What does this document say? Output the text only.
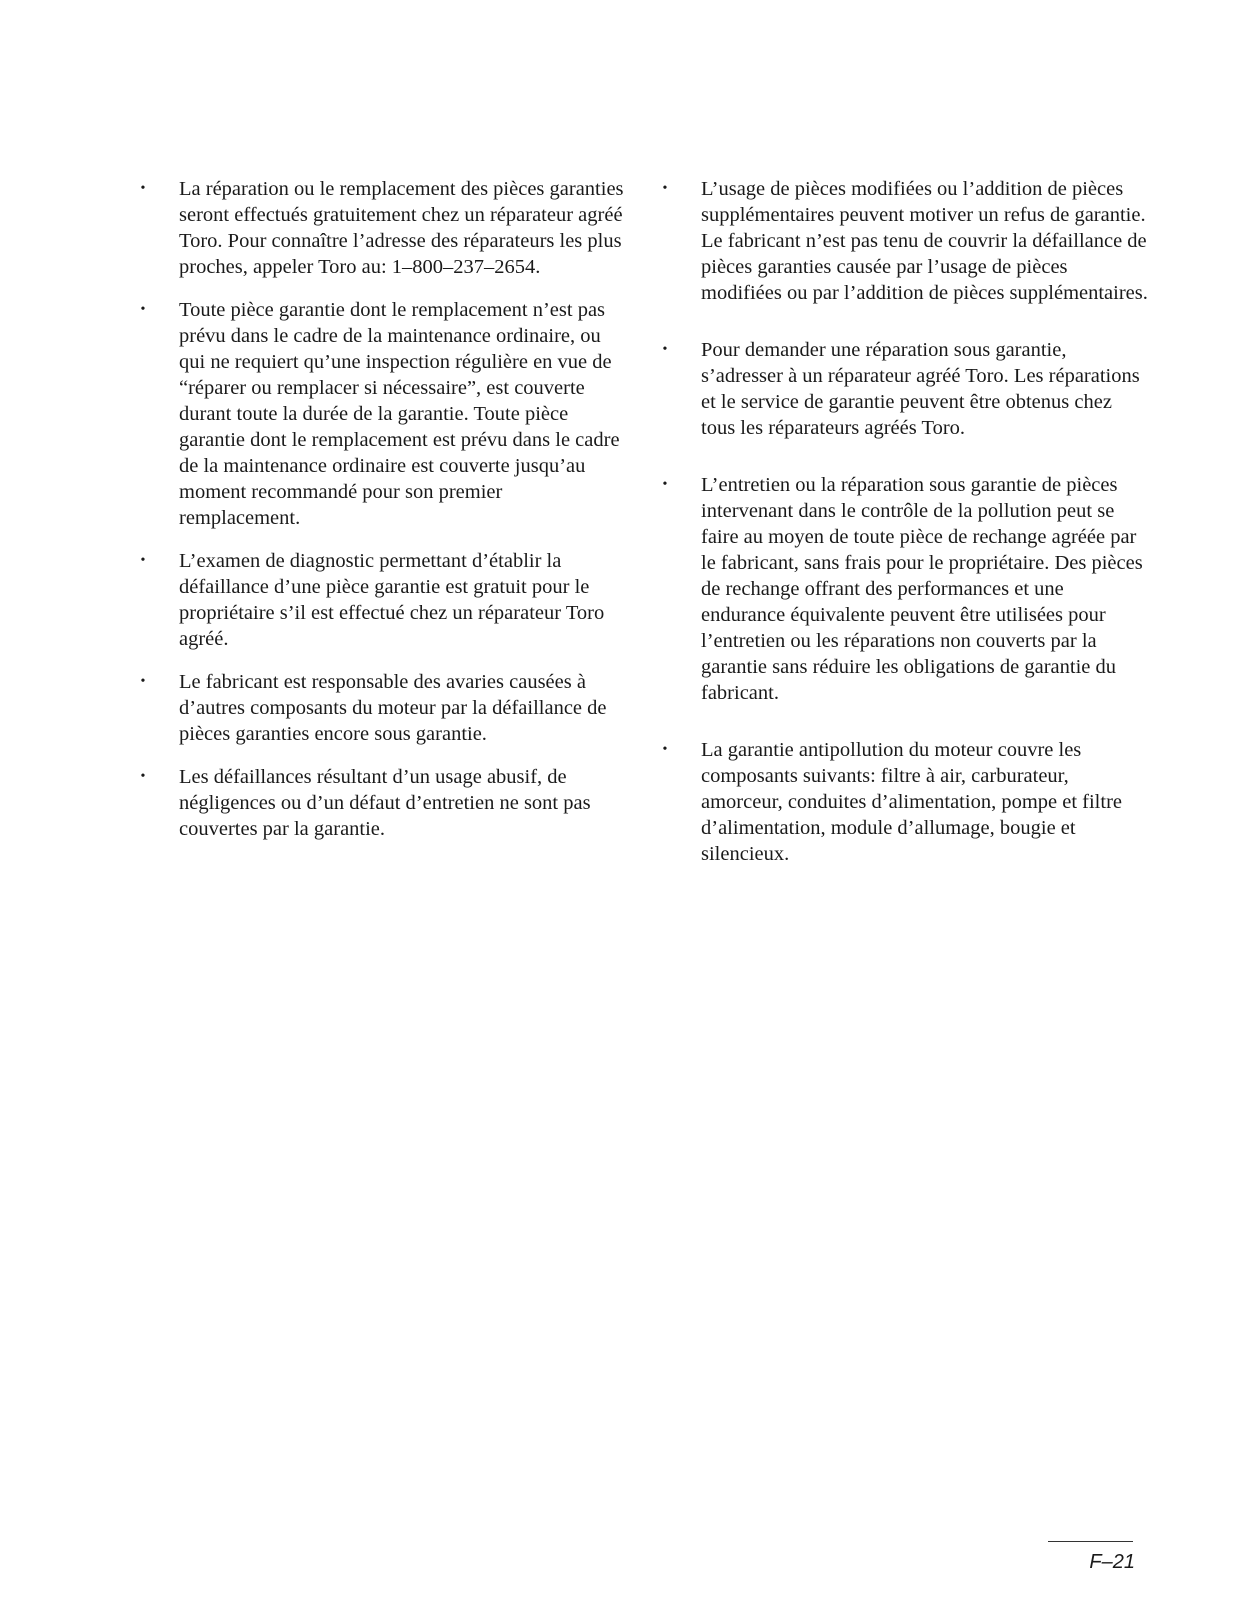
• La réparation ou le remplacement des pièces garanties seront effectués gratuitement chez un réparateur agréé Toro. Pour connaître l’adresse des réparateurs les plus proches, appeler Toro au: 1–800–237–2654.
• Toute pièce garantie dont le remplacement n’est pas prévu dans le cadre de la maintenance ordinaire, ou qui ne requiert qu’une inspection régulière en vue de “réparer ou remplacer si nécessaire”, est couverte durant toute la durée de la garantie. Toute pièce garantie dont le remplacement est prévu dans le cadre de la maintenance ordinaire est couverte jusqu’au moment recommandé pour son premier remplacement.
• L’examen de diagnostic permettant d’établir la défaillance d’une pièce garantie est gratuit pour le propriétaire s’il est effectué chez un réparateur Toro agréé.
• Le fabricant est responsable des avaries causées à d’autres composants du moteur par la défaillance de pièces garanties encore sous garantie.
• Les défaillances résultant d’un usage abusif, de négligences ou d’un défaut d’entretien ne sont pas couvertes par la garantie.
• L’usage de pièces modifiées ou l’addition de pièces supplémentaires peuvent motiver un refus de garantie. Le fabricant n’est pas tenu de couvrir la défaillance de pièces garanties causée par l’usage de pièces modifiées ou par l’addition de pièces supplémentaires.
• Pour demander une réparation sous garantie, s’adresser à un réparateur agréé Toro. Les réparations et le service de garantie peuvent être obtenus chez tous les réparateurs agréés Toro.
• L’entretien ou la réparation sous garantie de pièces intervenant dans le contrôle de la pollution peut se faire au moyen de toute pièce de rechange agréée par le fabricant, sans frais pour le propriétaire. Des pièces de rechange offrant des performances et une endurance équivalente peuvent être utilisées pour l’entretien ou les réparations non couverts par la garantie sans réduire les obligations de garantie du fabricant.
• La garantie antipollution du moteur couvre les composants suivants: filtre à air, carburateur, amorceur, conduites d’alimentation, pompe et filtre d’alimentation, module d’allumage, bougie et silencieux.
F–21
